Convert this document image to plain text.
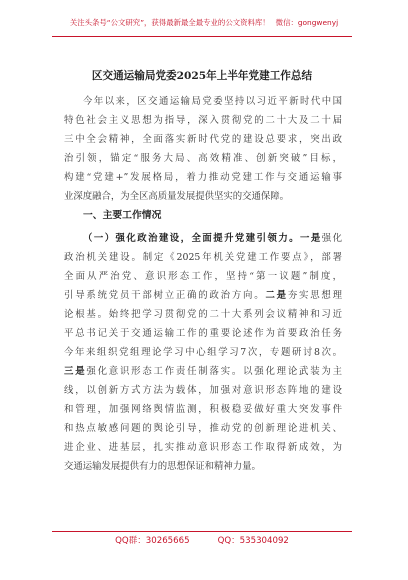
关注头条号“公文研究”，获得最新最全最专业的公文资料库！ 微信：gongwenyj
区交通运输局党委2025年上半年党建工作总结
今年以来，区交通运输局党委坚持以习近平新时代中国
特色社会主义思想为指导，深入贯彻党的二十大及二十届
三中全会精神，全面落实新时代党的建设总要求，突出政
治引领，锚定“服务大局、高效精准、创新突破”目标，
构建“党建+”发展格局，着力推动党建工作与交通运输事
业深度融合，为全区高质量发展提供坚实的交通保障。
一、主要工作情况
（一）强化政治建设，全面提升党建引领力。一是强化
政治机关建设。制定《2025年机关党建工作要点》，部署
全面从严治党、意识形态工作，坚持“第一议题”制度，
引导系统党员干部树立正确的政治方向。二是夯实思想理
论根基。始终把学习贯彻党的二十大系列会议精神和习近
平总书记关于交通运输工作的重要论述作为首要政治任务
今年来组织党组理论学习中心组学习7次，专题研讨8次。
三是强化意识形态工作责任制落实。以强化理论武装为主
线，以创新方式方法为载体，加强对意识形态阵地的建设
和管理，加强网络舆情监测，积极稳妥做好重大突发事件
和热点敏感问题的舆论引导，推动党的创新理论进机关、
进企业、进基层，扎实推动意识形态工作取得新成效，为
交通运输发展提供有力的思想保证和精神力量。
QQ群：30265665	QQ：535304092
